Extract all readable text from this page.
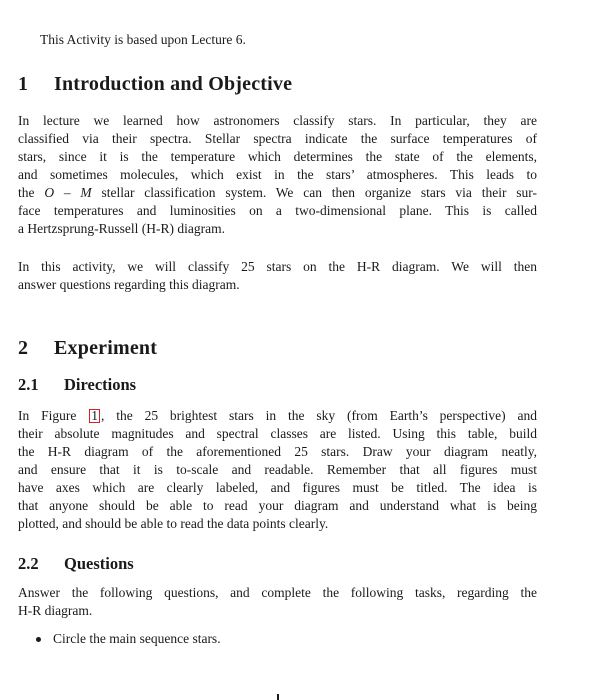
This Activity is based upon Lecture 6.
1 Introduction and Objective
In lecture we learned how astronomers classify stars. In particular, they are
classified via their spectra. Stellar spectra indicate the surface temperatures of
stars, since it is the temperature which determines the state of the elements,
and sometimes molecules, which exist in the stars’ atmospheres. This leads to
the O – M stellar classification system. We can then organize stars via their sur-
face temperatures and luminosities on a two-dimensional plane. This is called
a Hertzsprung-Russell (H-R) diagram.
In this activity, we will classify 25 stars on the H-R diagram. We will then
answer questions regarding this diagram.
2 Experiment
2.1 Directions
In Figure 1 , the 25 brightest stars in the sky (from Earth’s perspective) and
their absolute magnitudes and spectral classes are listed. Using this table, build
the H-R diagram of the aforementioned 25 stars. Draw your diagram neatly,
and ensure that it is to-scale and readable. Remember that all figures must
have axes which are clearly labeled, and figures must be titled. The idea is
that anyone should be able to read your diagram and understand what is being
plotted, and should be able to read the data points clearly.
2.2 Questions
Answer the following questions, and complete the following tasks, regarding the
H-R diagram.
Circle the main sequence stars.
